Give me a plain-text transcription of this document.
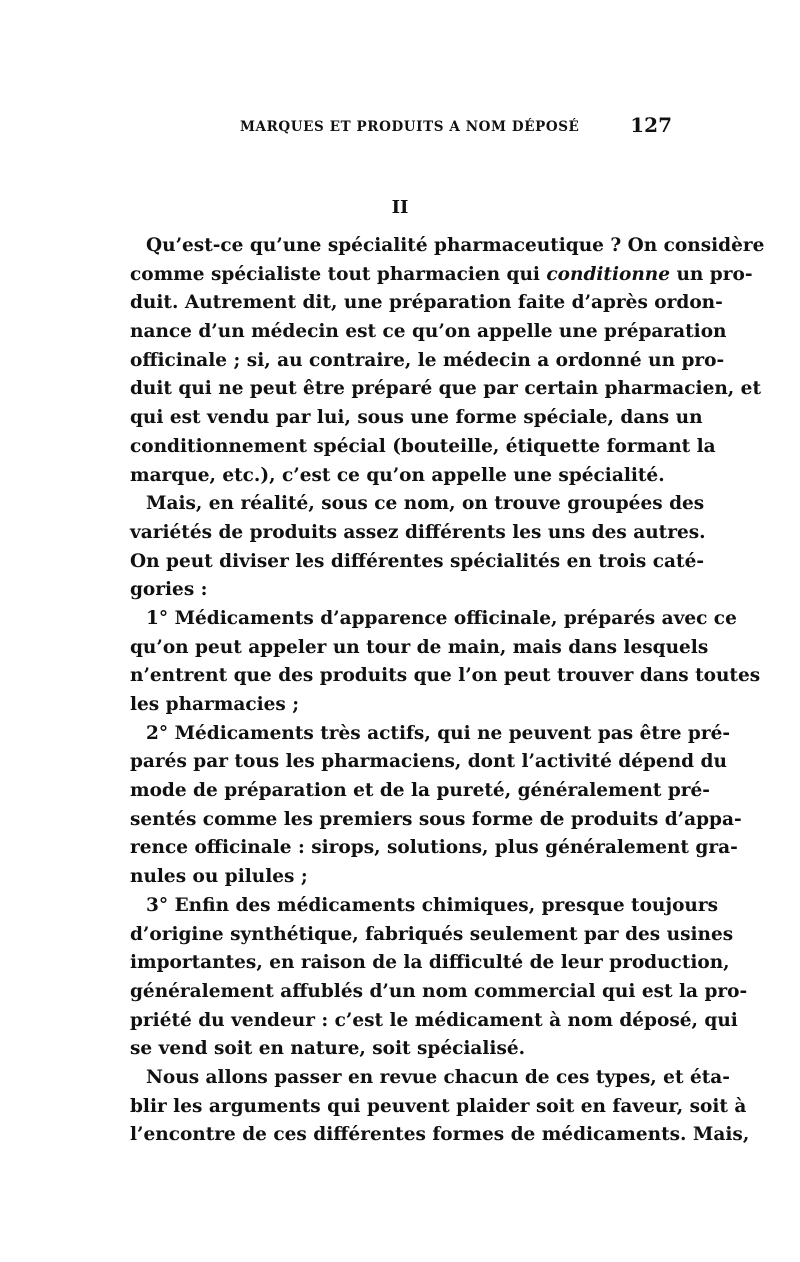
MARQUES ET PRODUITS A NOM DÉPOSÉ	127
II
Qu’est-ce qu’une spécialité pharmaceutique ? On considère
comme spécialiste tout pharmacien qui conditionne un pro-
duit. Autrement dit, une préparation faite d’après ordon-
nance d’un médecin est ce qu’on appelle une préparation
officinale ; si, au contraire, le médecin a ordonné un pro-
duit qui ne peut être préparé que par certain pharmacien, et
qui est vendu par lui, sous une forme spéciale, dans un
conditionnement spécial (bouteille, étiquette formant la
marque, etc.), c’est ce qu’on appelle une spécialité.
Mais, en réalité, sous ce nom, on trouve groupées des
variétés de produits assez différents les uns des autres.
On peut diviser les différentes spécialités en trois caté-
gories :
1° Médicaments d’apparence officinale, préparés avec ce
qu’on peut appeler un tour de main, mais dans lesquels
n’entrent que des produits que l’on peut trouver dans toutes
les pharmacies ;
2° Médicaments très actifs, qui ne peuvent pas être pré-
parés par tous les pharmaciens, dont l’activité dépend du
mode de préparation et de la pureté, généralement pré-
sentés comme les premiers sous forme de produits d’appa-
rence officinale : sirops, solutions, plus généralement gra-
nules ou pilules ;
3° Enfin des médicaments chimiques, presque toujours
d’origine synthétique, fabriqués seulement par des usines
importantes, en raison de la difficulté de leur production,
généralement affublés d’un nom commercial qui est la pro-
priété du vendeur : c’est le médicament à nom déposé, qui
se vend soit en nature, soit spécialisé.
Nous allons passer en revue chacun de ces types, et éta-
blir les arguments qui peuvent plaider soit en faveur, soit à
l’encontre de ces différentes formes de médicaments. Mais,
